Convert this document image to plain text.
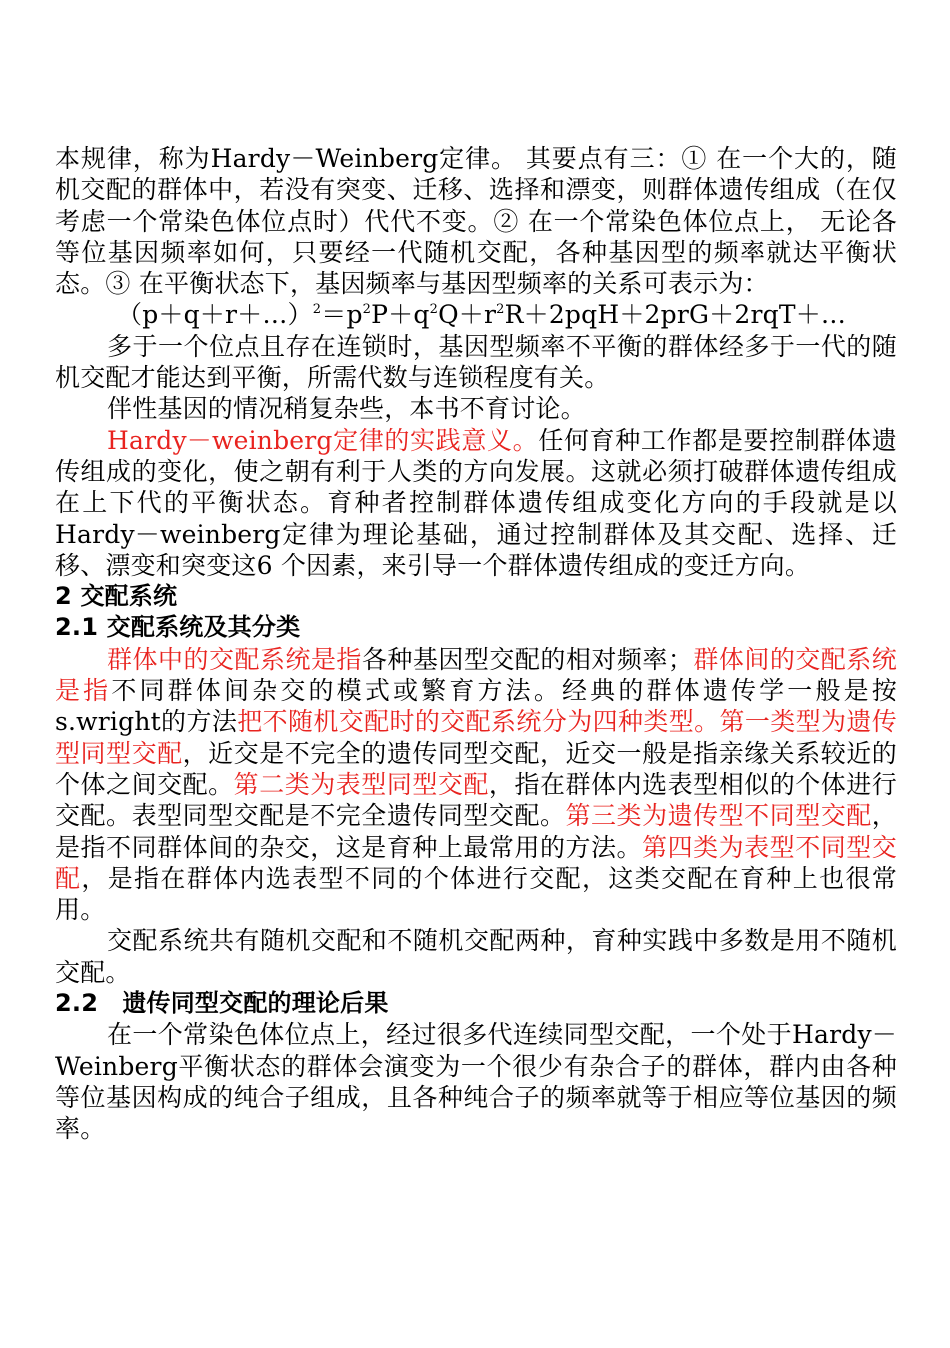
本规律，称为Hardy－Weinberg定律。 其要点有三：① 在一个大的，随机交配的群体中，若没有突变、迁移、选择和漂变，则群体遗传组成（在仅考虑一个常染色体位点时）代代不变。② 在一个常染色体位点上， 无论各等位基因频率如何，只要经一代随机交配，各种基因型的频率就达平衡状态。③ 在平衡状态下，基因频率与基因型频率的关系可表示为：

$(p+q+r+\dots)^2=p^2P+q^2Q+r^2R+2pqH+2prG+2rqT+\dots$

多于一个位点且存在连锁时，基因型频率不平衡的群体经多于一代的随机交配才能达到平衡，所需代数与连锁程度有关。

伴性基因的情况稍复杂些，本书不育讨论。

Hardy－weinberg定律的实践意义。任何育种工作都是要控制群体遗传组成的变化，使之朝有利于人类的方向发展。这就必须打破群体遗传组成在上下代的平衡状态。育种者控制群体遗传组成变化方向的手段就是以 Hardy－weinberg定律为理论基础，通过控制群体及其交配、选择、迁移、漂变和突变这6 个因素，来引导一个群体遗传组成的变迁方向。

2 交配系统

2.1 交配系统及其分类

群体中的交配系统是指各种基因型交配的相对频率；群体间的交配系统是指不同群体间杂交的模式或繁育方法。经典的群体遗传学一般是按s.wright的方法把不随机交配时的交配系统分为四种类型。第一类型为遗传型同型交配，近交是不完全的遗传同型交配，近交一般是指亲缘关系较近的个体之间交配。第二类为表型同型交配，指在群体内选表型相似的个体进行交配。表型同型交配是不完全遗传同型交配。第三类为遗传型不同型交配，是指不同群体间的杂交，这是育种上最常用的方法。第四类为表型不同型交配，是指在群体内选表型不同的个体进行交配，这类交配在育种上也很常用。

交配系统共有随机交配和不随机交配两种，育种实践中多数是用不随机交配。

2.2　遗传同型交配的理论后果

在一个常染色体位点上，经过很多代连续同型交配，一个处于Hardy－Weinberg平衡状态的群体会演变为一个很少有杂合子的群体，群内由各种等位基因构成的纯合子组成，且各种纯合子的频率就等于相应等位基因的频率。
